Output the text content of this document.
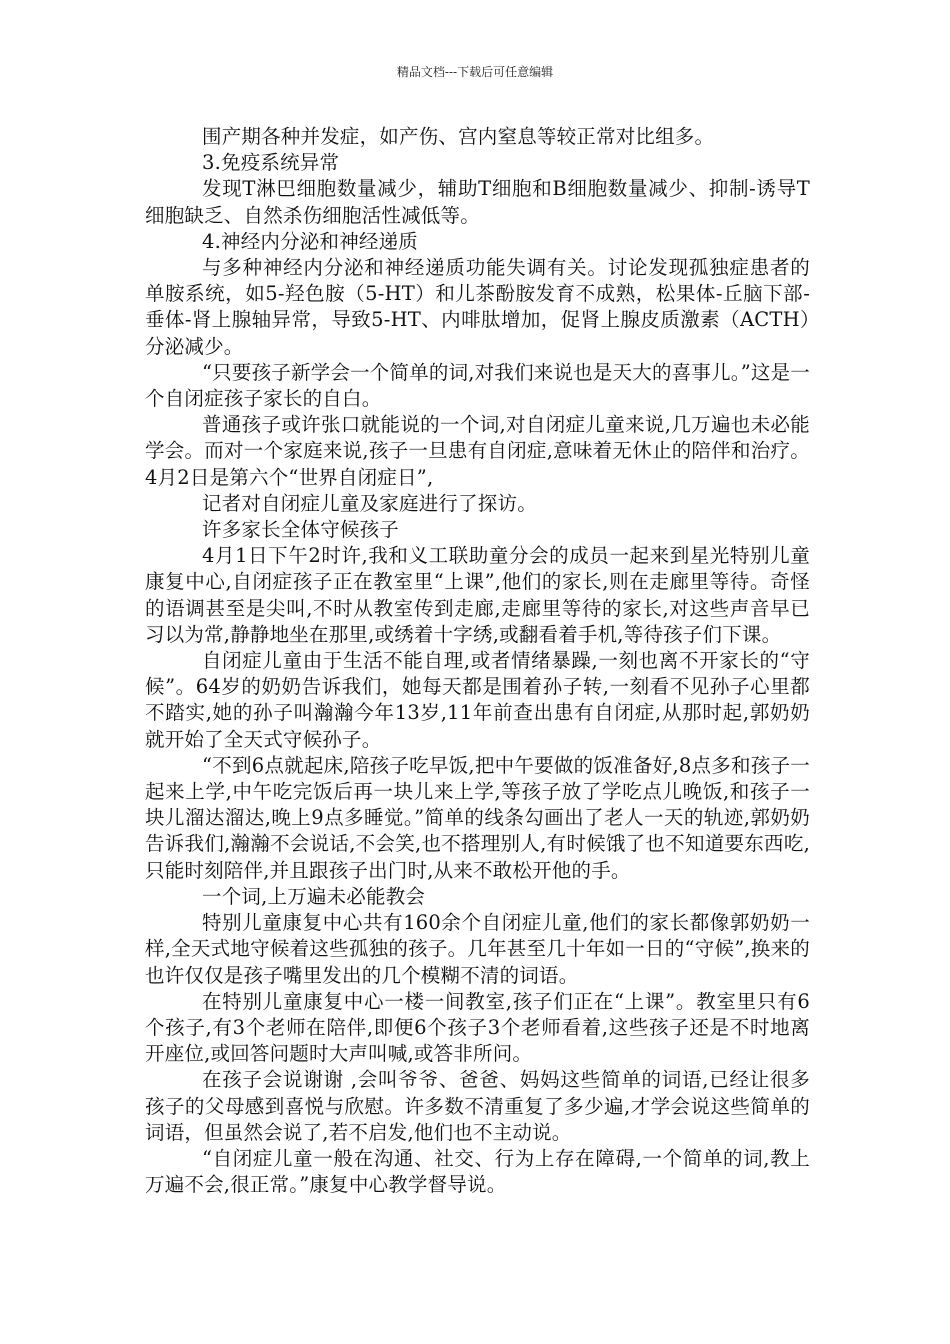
精品文档---下载后可任意编辑

围产期各种并发症，如产伤、宫内窒息等较正常对比组多。

3.免疫系统异常

发现T淋巴细胞数量减少，辅助T细胞和B细胞数量减少、抑制-诱导T细胞缺乏、自然杀伤细胞活性减低等。

4.神经内分泌和神经递质

与多种神经内分泌和神经递质功能失调有关。讨论发现孤独症患者的单胺系统，如5-羟色胺（5-HT）和儿茶酚胺发育不成熟，松果体-丘脑下部-垂体-肾上腺轴异常，导致5-HT、内啡肽增加，促肾上腺皮质激素（ACTH）分泌减少。

“只要孩子新学会一个简单的词,对我们来说也是天大的喜事儿。”这是一个自闭症孩子家长的自白。

普通孩子或许张口就能说的一个词,对自闭症儿童来说,几万遍也未必能学会。而对一个家庭来说,孩子一旦患有自闭症,意味着无休止的陪伴和治疗。4月2日是第六个“世界自闭症日”,

记者对自闭症儿童及家庭进行了探访。

许多家长全体守候孩子

4月1日下午2时许,我和义工联助童分会的成员一起来到星光特别儿童康复中心,自闭症孩子正在教室里“上课”,他们的家长,则在走廊里等待。奇怪的语调甚至是尖叫,不时从教室传到走廊,走廊里等待的家长,对这些声音早已习以为常,静静地坐在那里,或绣着十字绣,或翻看着手机,等待孩子们下课。

自闭症儿童由于生活不能自理,或者情绪暴躁,一刻也离不开家长的“守候”。64岁的奶奶告诉我们，她每天都是围着孙子转,一刻看不见孙子心里都不踏实,她的孙子叫瀚瀚今年13岁,11年前查出患有自闭症,从那时起,郭奶奶就开始了全天式守候孙子。

“不到6点就起床,陪孩子吃早饭,把中午要做的饭准备好,8点多和孩子一起来上学,中午吃完饭后再一块儿来上学,等孩子放了学吃点儿晚饭,和孩子一块儿溜达溜达,晚上9点多睡觉。”简单的线条勾画出了老人一天的轨迹,郭奶奶告诉我们,瀚瀚不会说话,不会笑,也不搭理别人,有时候饿了也不知道要东西吃,只能时刻陪伴,并且跟孩子出门时,从来不敢松开他的手。

一个词,上万遍未必能教会

特别儿童康复中心共有160余个自闭症儿童,他们的家长都像郭奶奶一样,全天式地守候着这些孤独的孩子。几年甚至几十年如一日的“守候”,换来的也许仅仅是孩子嘴里发出的几个模糊不清的词语。

在特别儿童康复中心一楼一间教室,孩子们正在“上课”。教室里只有6个孩子,有3个老师在陪伴,即便6个孩子3个老师看着,这些孩子还是不时地离开座位,或回答问题时大声叫喊,或答非所问。

在孩子会说谢谢 ,会叫爷爷、爸爸、妈妈这些简单的词语,已经让很多孩子的父母感到喜悦与欣慰。许多数不清重复了多少遍,才学会说这些简单的词语，但虽然会说了,若不启发,他们也不主动说。

“自闭症儿童一般在沟通、社交、行为上存在障碍,一个简单的词,教上万遍不会,很正常。”康复中心教学督导说。
